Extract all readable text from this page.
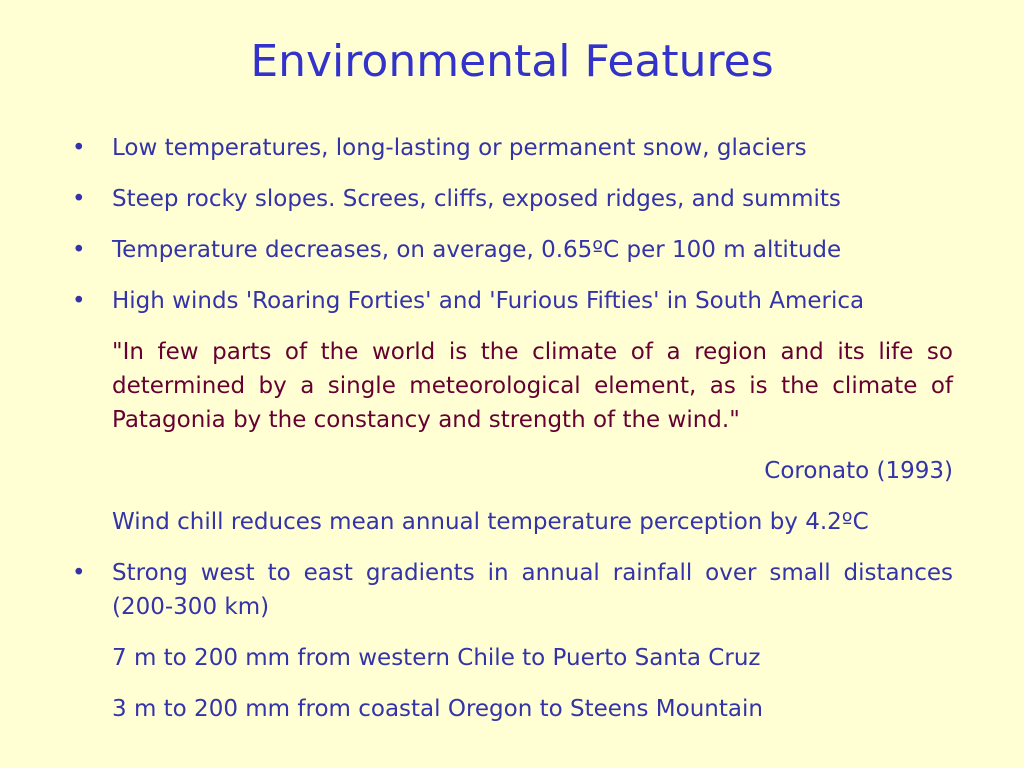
Environmental Features
• Low temperatures, long-lasting or permanent snow, glaciers
• Steep rocky slopes. Screes, cliffs, exposed ridges, and summits
• Temperature decreases, on average, 0.65ºC per 100 m altitude
• High winds 'Roaring Forties' and 'Furious Fifties' in South America
"In few parts of the world is the climate of a region and its life so determined by a single meteorological element, as is the climate of Patagonia by the constancy and strength of the wind."
Coronato (1993)
Wind chill reduces mean annual temperature perception by 4.2ºC
• Strong west to east gradients in annual rainfall over small distances (200-300 km)
7 m to 200 mm from western Chile to Puerto Santa Cruz
3 m to 200 mm from coastal Oregon to Steens Mountain
